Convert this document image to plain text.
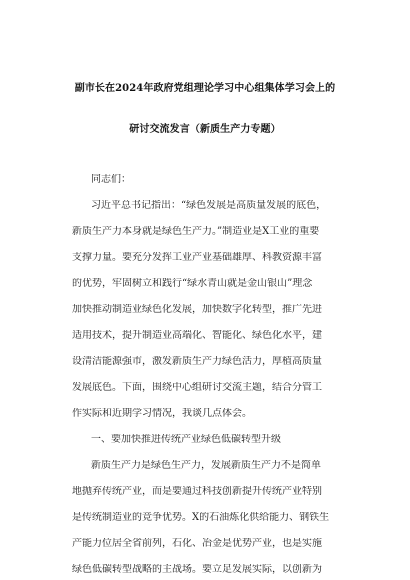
副市长在2024年政府党组理论学习中心组集体学习会上的
研讨交流发言（新质生产力专题）
同志们：
习近平总书记指出：“绿色发展是高质量发展的底色，
新质生产力本身就是绿色生产力。”制造业是X工业的重要
支撑力量。要充分发挥工业产业基础雄厚、科教资源丰富
的优势，牢固树立和践行“绿水青山就是金山银山”理念
加快推动制造业绿色化发展，加快数字化转型，推广先进
适用技术，提升制造业高端化、智能化、绿色化水平，建
设清洁能源强市，激发新质生产力绿色活力，厚植高质量
发展底色。下面，围绕中心组研讨交流主题，结合分管工
作实际和近期学习情况，我谈几点体会。
一、要加快推进传统产业绿色低碳转型升级
新质生产力是绿色生产力，发展新质生产力不是简单
地抛弃传统产业，而是要通过科技创新提升传统产业特别
是传统制造业的竞争优势。X的石油炼化供给能力、钢铁生
产能力位居全省前列，石化、冶金是优势产业，也是实施
绿色低碳转型战略的主战场。要立足发展实际，以创新为
